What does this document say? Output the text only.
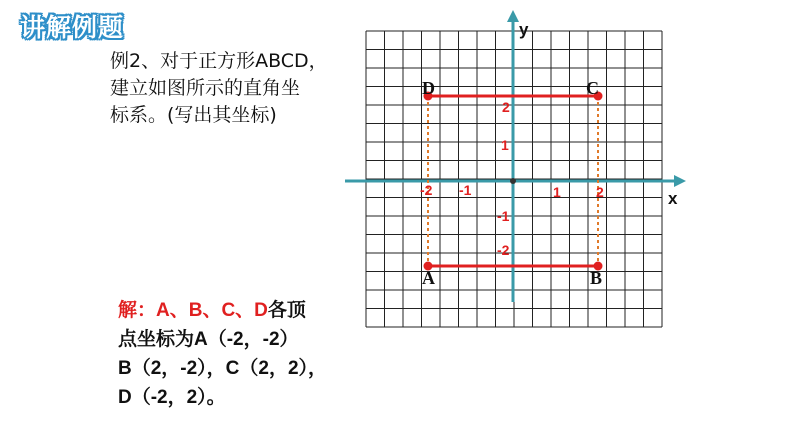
讲解例题
例2、对于正方形ABCD，
建立如图所示的直角坐
标系。(写出其坐标)
x
y
-2 -1	1	2
2
1
-1
-2
A	B
C
D
解：A、B、C、D各顶
点坐标为A（-2，-2）
B（2，-2），C（2，2），
D（-2，2）。
